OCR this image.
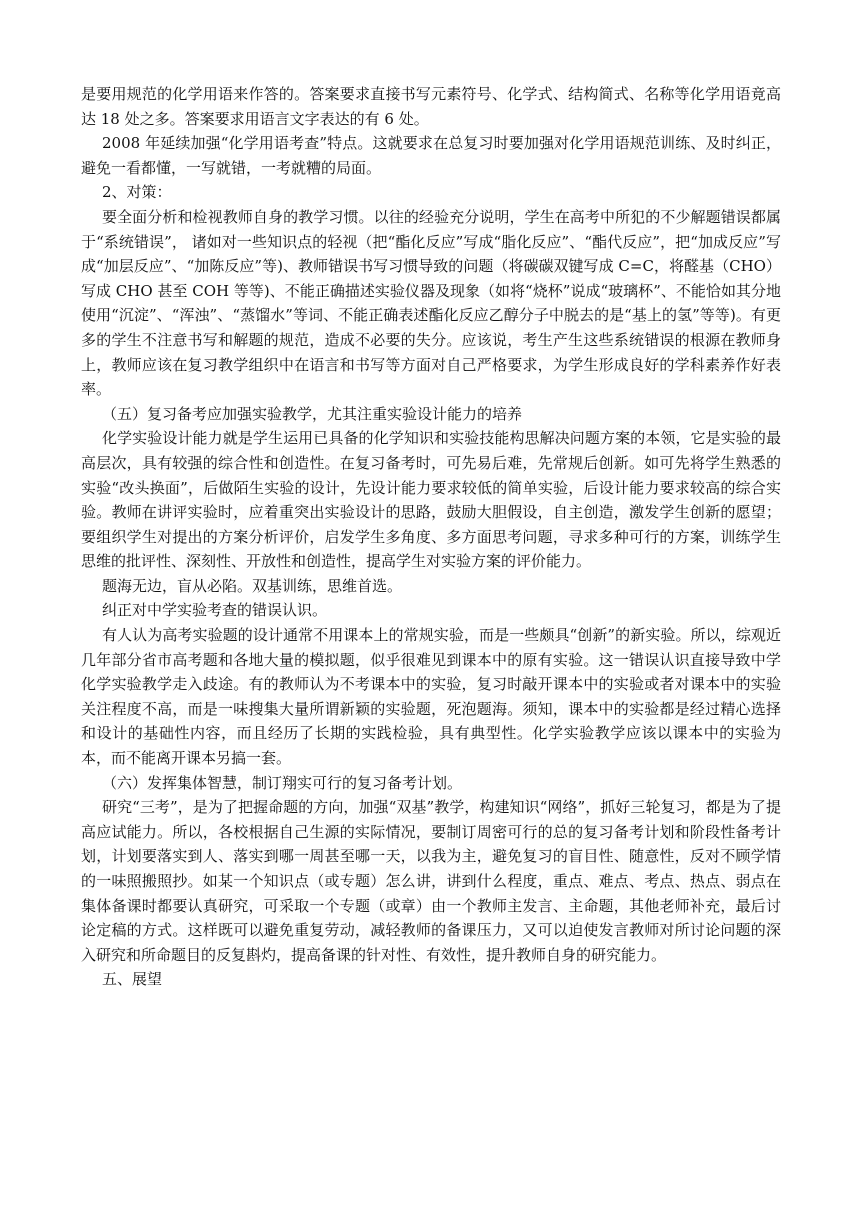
是要用规范的化学用语来作答的。答案要求直接书写元素符号、化学式、结构简式、名称等化学用语竟高达 18 处之多。答案要求用语言文字表达的有 6 处。

2008 年延续加强“化学用语考查”特点。这就要求在总复习时要加强对化学用语规范训练、及时纠正，避免一看都懂，一写就错，一考就糟的局面。

2、对策：

要全面分析和检视教师自身的教学习惯。以往的经验充分说明，学生在高考中所犯的不少解题错误都属于“系统错误”， 诸如对一些知识点的轻视（把“酯化反应”写成“脂化反应”、“酯代反应”，把“加成反应”写成“加层反应”、“加陈反应”等)、教师错误书写习惯导致的问题（将碳碳双键写成 C=C，将醛基（CHO）写成 CHO 甚至 COH 等等)、不能正确描述实验仪器及现象（如将“烧杯”说成“玻璃杯”、不能恰如其分地使用“沉淀”、“浑浊”、“蒸馏水”等词、不能正确表述酯化反应乙醇分子中脱去的是“基上的氢”等等)。有更多的学生不注意书写和解题的规范，造成不必要的失分。应该说，考生产生这些系统错误的根源在教师身上，教师应该在复习教学组织中在语言和书写等方面对自己严格要求，为学生形成良好的学科素养作好表率。

（五）复习备考应加强实验教学，尤其注重实验设计能力的培养

化学实验设计能力就是学生运用已具备的化学知识和实验技能构思解决问题方案的本领，它是实验的最高层次，具有较强的综合性和创造性。在复习备考时，可先易后难，先常规后创新。如可先将学生熟悉的实验“改头换面”，后做陌生实验的设计，先设计能力要求较低的简单实验，后设计能力要求较高的综合实验。教师在讲评实验时，应着重突出实验设计的思路，鼓励大胆假设，自主创造，激发学生创新的愿望；要组织学生对提出的方案分析评价，启发学生多角度、多方面思考问题，寻求多种可行的方案，训练学生思维的批评性、深刻性、开放性和创造性，提高学生对实验方案的评价能力。

题海无边，盲从必陷。双基训练，思维首选。

纠正对中学实验考查的错误认识。

有人认为高考实验题的设计通常不用课本上的常规实验，而是一些颇具“创新”的新实验。所以，综观近几年部分省市高考题和各地大量的模拟题，似乎很难见到课本中的原有实验。这一错误认识直接导致中学化学实验教学走入歧途。有的教师认为不考课本中的实验，复习时敲开课本中的实验或者对课本中的实验关注程度不高，而是一味搜集大量所谓新颖的实验题，死泡题海。须知，课本中的实验都是经过精心选择和设计的基础性内容，而且经历了长期的实践检验，具有典型性。化学实验教学应该以课本中的实验为本，而不能离开课本另搞一套。

（六）发挥集体智慧，制订翔实可行的复习备考计划。

研究“三考”，是为了把握命题的方向，加强“双基”教学，构建知识“网络”，抓好三轮复习，都是为了提高应试能力。所以，各校根据自己生源的实际情况，要制订周密可行的总的复习备考计划和阶段性备考计划，计划要落实到人、落实到哪一周甚至哪一天，以我为主，避免复习的盲目性、随意性，反对不顾学情的一味照搬照抄。如某一个知识点（或专题）怎么讲，讲到什么程度，重点、难点、考点、热点、弱点在集体备课时都要认真研究，可采取一个专题（或章）由一个教师主发言、主命题，其他老师补充，最后讨论定稿的方式。这样既可以避免重复劳动，减轻教师的备课压力，又可以迫使发言教师对所讨论问题的深入研究和所命题目的反复斟灼，提高备课的针对性、有效性，提升教师自身的研究能力。

五、展望
